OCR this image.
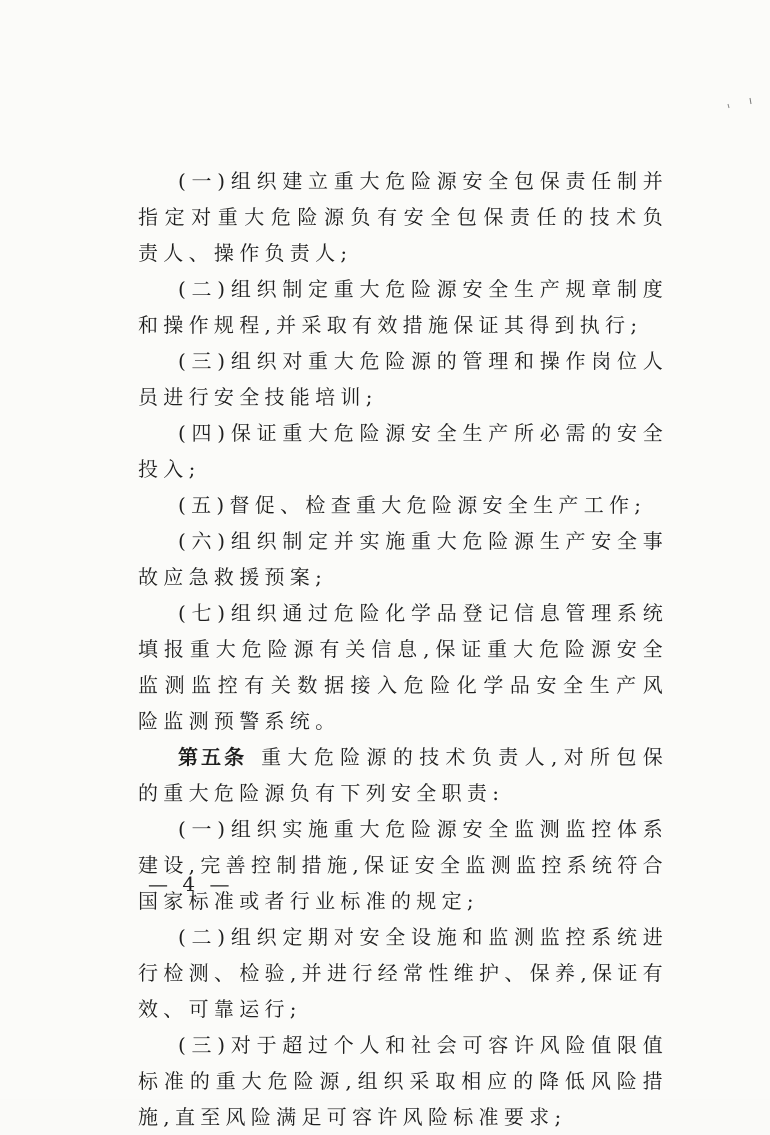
(一)组织建立重大危险源安全包保责任制并指定对重大危险源负有安全包保责任的技术负责人、操作负责人;

(二)组织制定重大危险源安全生产规章制度和操作规程,并采取有效措施保证其得到执行;

(三)组织对重大危险源的管理和操作岗位人员进行安全技能培训;

(四)保证重大危险源安全生产所必需的安全投入;

(五)督促、检查重大危险源安全生产工作;

(六)组织制定并实施重大危险源生产安全事故应急救援预案;

(七)组织通过危险化学品登记信息管理系统填报重大危险源有关信息,保证重大危险源安全监测监控有关数据接入危险化学品安全生产风险监测预警系统。

第五条 重大危险源的技术负责人,对所包保的重大危险源负有下列安全职责:

(一)组织实施重大危险源安全监测监控体系建设,完善控制措施,保证安全监测监控系统符合国家标准或者行业标准的规定;

(二)组织定期对安全设施和监测监控系统进行检测、检验,并进行经常性维护、保养,保证有效、可靠运行;

(三)对于超过个人和社会可容许风险值限值标准的重大危险源,组织采取相应的降低风险措施,直至风险满足可容许风险标准要求;

— 4 —
